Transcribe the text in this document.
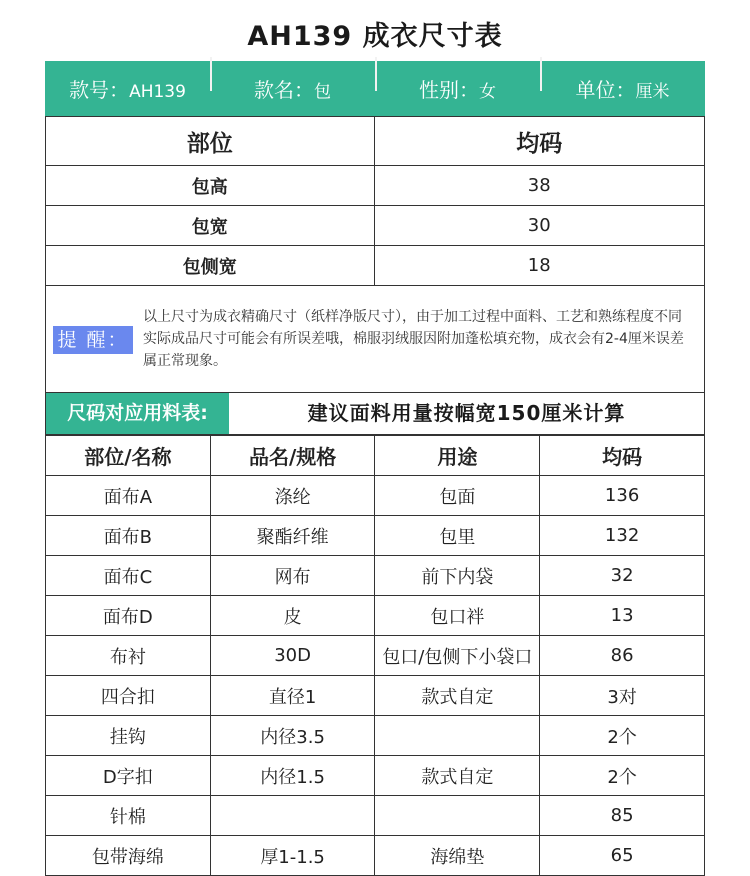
AH139 成衣尺寸表
款号：AH139	款名：包	性别：女	单位：厘米
部位	均码
包高	38
包宽	30
包侧宽	18
提 醒：
以上尺寸为成衣精确尺寸（纸样净版尺寸），由于加工过程中面料、工艺和熟练程度不同实际成品尺寸可能会有所误差哦，棉服羽绒服因附加蓬松填充物，成衣会有2-4厘米误差属正常现象。
尺码对应用料表:	建议面料用量按幅宽150厘米计算
部位/名称	品名/规格	用途	均码
面布A	涤纶	包面	136
面布B	聚酯纤维	包里	132
面布C	网布	前下内袋	32
面布D	皮	包口袢	13
布衬	30D	包口/包侧下小袋口	86
四合扣	直径1	款式自定	3对
挂钩	内径3.5		2个
D字扣	内径1.5	款式自定	2个
针棉			85
包带海绵	厚1-1.5	海绵垫	65
